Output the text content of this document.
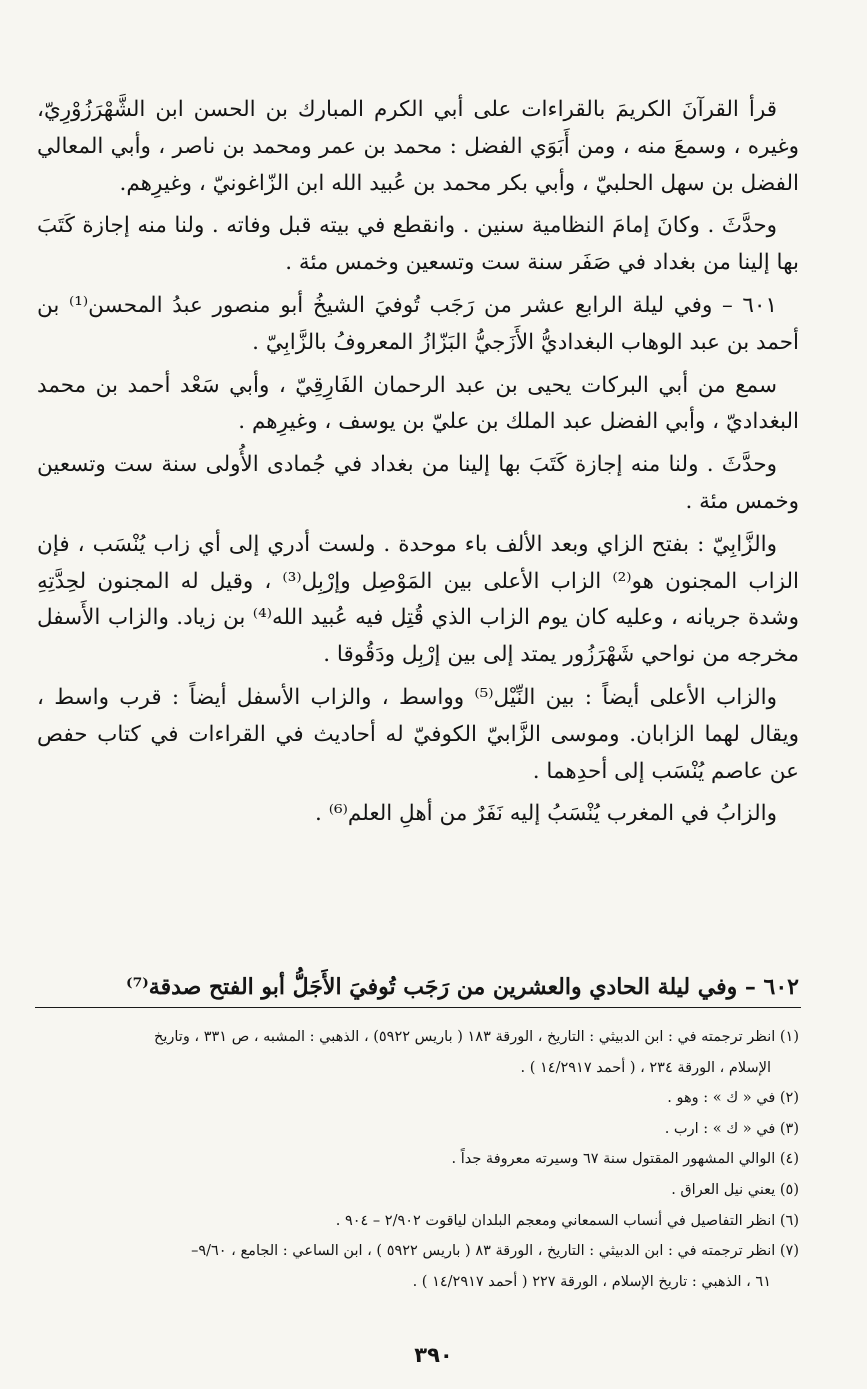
قرأ القرآنَ الكريمَ بالقراءات على أبي الكرم المبارك بن الحسن ابن الشَّهْرَزُوْرِيّ، وغيره ، وسمعَ منه ، ومن أَبَوَي الفضل : محمد بن عمر ومحمد بن ناصر ، وأبي المعالي الفضل بن سهل الحلبيّ ، وأبي بكر محمد بن عُبيد الله ابن الزّاغونيّ ، وغيرِهم.

وحدَّثَ . وكانَ إمامَ النظامية سنين . وانقطع في بيته قبل وفاته . ولنا منه إجازة كَتَبَ بها إلينا من بغداد في صَفَر سنة ست وتسعين وخمس مئة .

٦٠١ – وفي ليلة الرابع عشر من رَجَب تُوفيَ الشيخُ أبو منصور عبدُ المحسن⁽¹⁾ بن أحمد بن عبد الوهاب البغداديُّ الأَزَجيُّ البَزّازُ المعروفُ بالزَّابِيّ .

سمع من أبي البركات يحيى بن عبد الرحمان الفَارِقِيّ ، وأبي سَعْد أحمد بن محمد البغداديّ ، وأبي الفضل عبد الملك بن عليّ بن يوسف ، وغيرِهم .

وحدَّثَ . ولنا منه إجازة كَتَبَ بها إلينا من بغداد في جُمادى الأُولى سنة ست وتسعين وخمس مئة .

والزَّابِيّ : بفتح الزاي وبعد الألف باء موحدة . ولست أدري إلى أي زاب يُنْسَب ، فإن الزاب المجنون هو⁽²⁾ الزاب الأعلى بين المَوْصِل وإرْبِل⁽³⁾ ، وقيل له المجنون لحِدَّتِهِ وشدة جريانه ، وعليه كان يوم الزاب الذي قُتِل فيه عُبيد الله⁽⁴⁾ بن زياد. والزاب الأَسفل مخرجه من نواحي شَهْرَزُور يمتد إلى بين إرْبِل ودَقُوقا .

والزاب الأعلى أيضاً : بين النِّيْل⁽⁵⁾ وواسط ، والزاب الأسفل أيضاً : قرب واسط ، ويقال لهما الزابان. وموسى الزَّابيّ الكوفيّ له أحاديث في القراءات في كتاب حفص عن عاصم يُنْسَب إلى أحدِهما .

والزابُ في المغرب يُنْسَبُ إليه نَفَرٌ من أهلِ العلم⁽⁶⁾ .

٦٠٢ – وفي ليلة الحادي والعشرين من رَجَب تُوفيَ الأَجَلُّ أبو الفتح صدقة⁽⁷⁾

(١) انظر ترجمته في : ابن الدبيثي : التاريخ ، الورقة ١٨٣ ( باريس ٥٩٢٢) ، الذهبي : المشبه ، ص ٣٣١ ، وتاريخ

الإسلام ، الورقة ٢٣٤ ، ( أحمد ١٤/٢٩١٧ ) .

(٢) في « ك » : وهو .

(٣) في « ك » : ارب .

(٤) الوالي المشهور المقتول سنة ٦٧ وسيرته معروفة جداً .

(٥) يعني نيل العراق .

(٦) انظر التفاصيل في أنساب السمعاني ومعجم البلدان لياقوت ٢/٩٠٢ – ٩٠٤ .

(٧) انظر ترجمته في : ابن الدبيثي : التاريخ ، الورقة ٨٣ ( باريس ٥٩٢٢ ) ، ابن الساعي : الجامع ، ٩/٦٠–

٦١ ، الذهبي : تاريخ الإسلام ، الورقة ٢٢٧ ( أحمد ١٤/٢٩١٧ ) .

٣٩٠
